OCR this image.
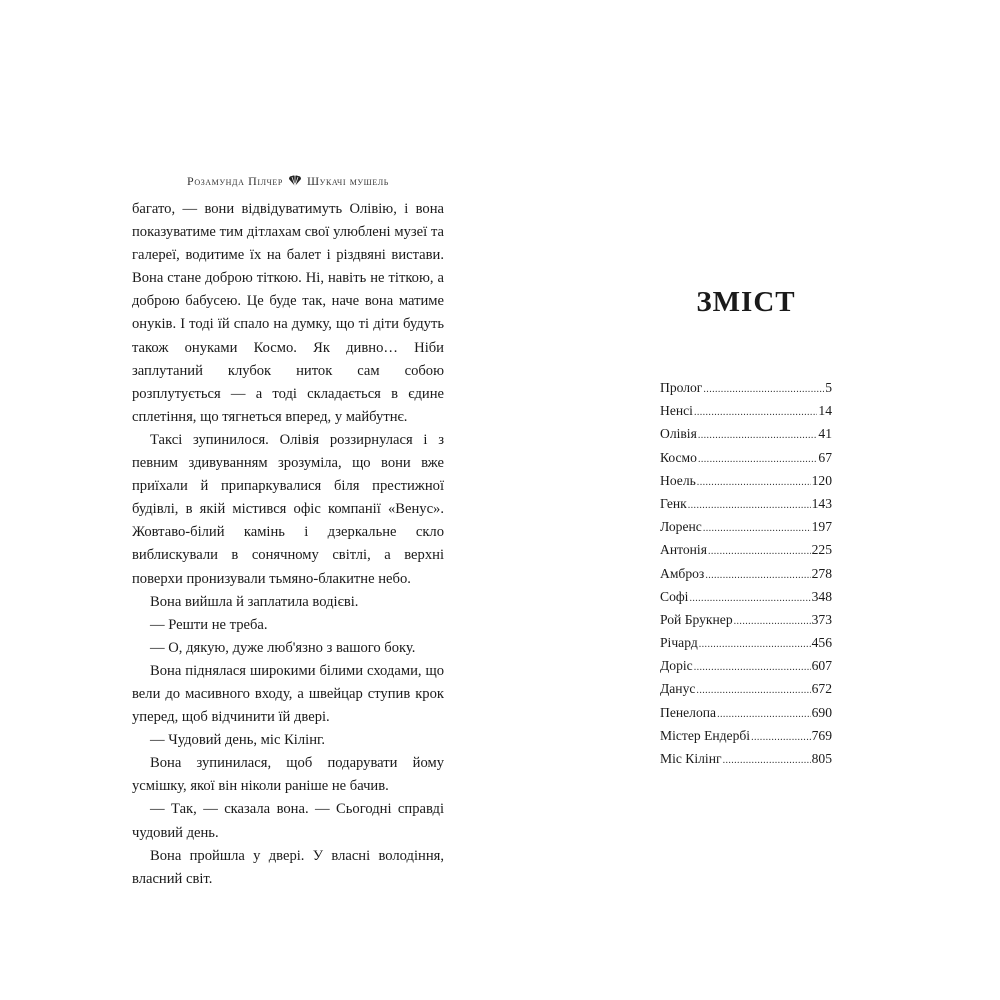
Розамунда Пілчер Шукачі мушель

багато, — вони відвідуватимуть Олівію, і вона показуватиме тим дітлахам свої улюблені музеї та галереї, водитиме їх на балет і різдвяні вистави. Вона стане доброю тіткою. Ні, навіть не тіткою, а доброю бабусею. Це буде так, наче вона матиме онуків. І тоді їй спало на думку, що ті діти будуть також онуками Космо. Як дивно… Ніби заплутаний клубок ниток сам собою розплутується — а тоді складається в єдине сплетіння, що тягнеться вперед, у майбутнє.

Таксі зупинилося. Олівія роззирнулася і з певним здивуванням зрозуміла, що вони вже приїхали й припаркувалися біля престижної будівлі, в якій містився офіс компанії «Венус». Жовтаво-білий камінь і дзеркальне скло виблискували в сонячному світлі, а верхні поверхи пронизували тьмяно-блакитне небо.

Вона вийшла й заплатила водієві.

— Решти не треба.

— О, дякую, дуже люб'язно з вашого боку.

Вона піднялася широкими білими сходами, що вели до масивного входу, а швейцар ступив крок уперед, щоб відчинити їй двері.

— Чудовий день, міс Кілінг.

Вона зупинилася, щоб подарувати йому усмішку, якої він ніколи раніше не бачив.

— Так, — сказала вона. — Сьогодні справді чудовий день.

Вона пройшла у двері. У власні володіння, власний світ.

ЗМІСТ
Пролог .....	5
Ненсі .....	14
Олівія .....	41
Космо .....	67
Ноель .....	120
Генк .....	143
Лоренс .....	197
Антонія .....	225
Амброз .....	278
Софі .....	348
Рой Брукнер .....	373
Річард .....	456
Доріс .....	607
Данус .....	672
Пенелопа .....	690
Містер Ендербі .....	769
Міс Кілінг .....	805
